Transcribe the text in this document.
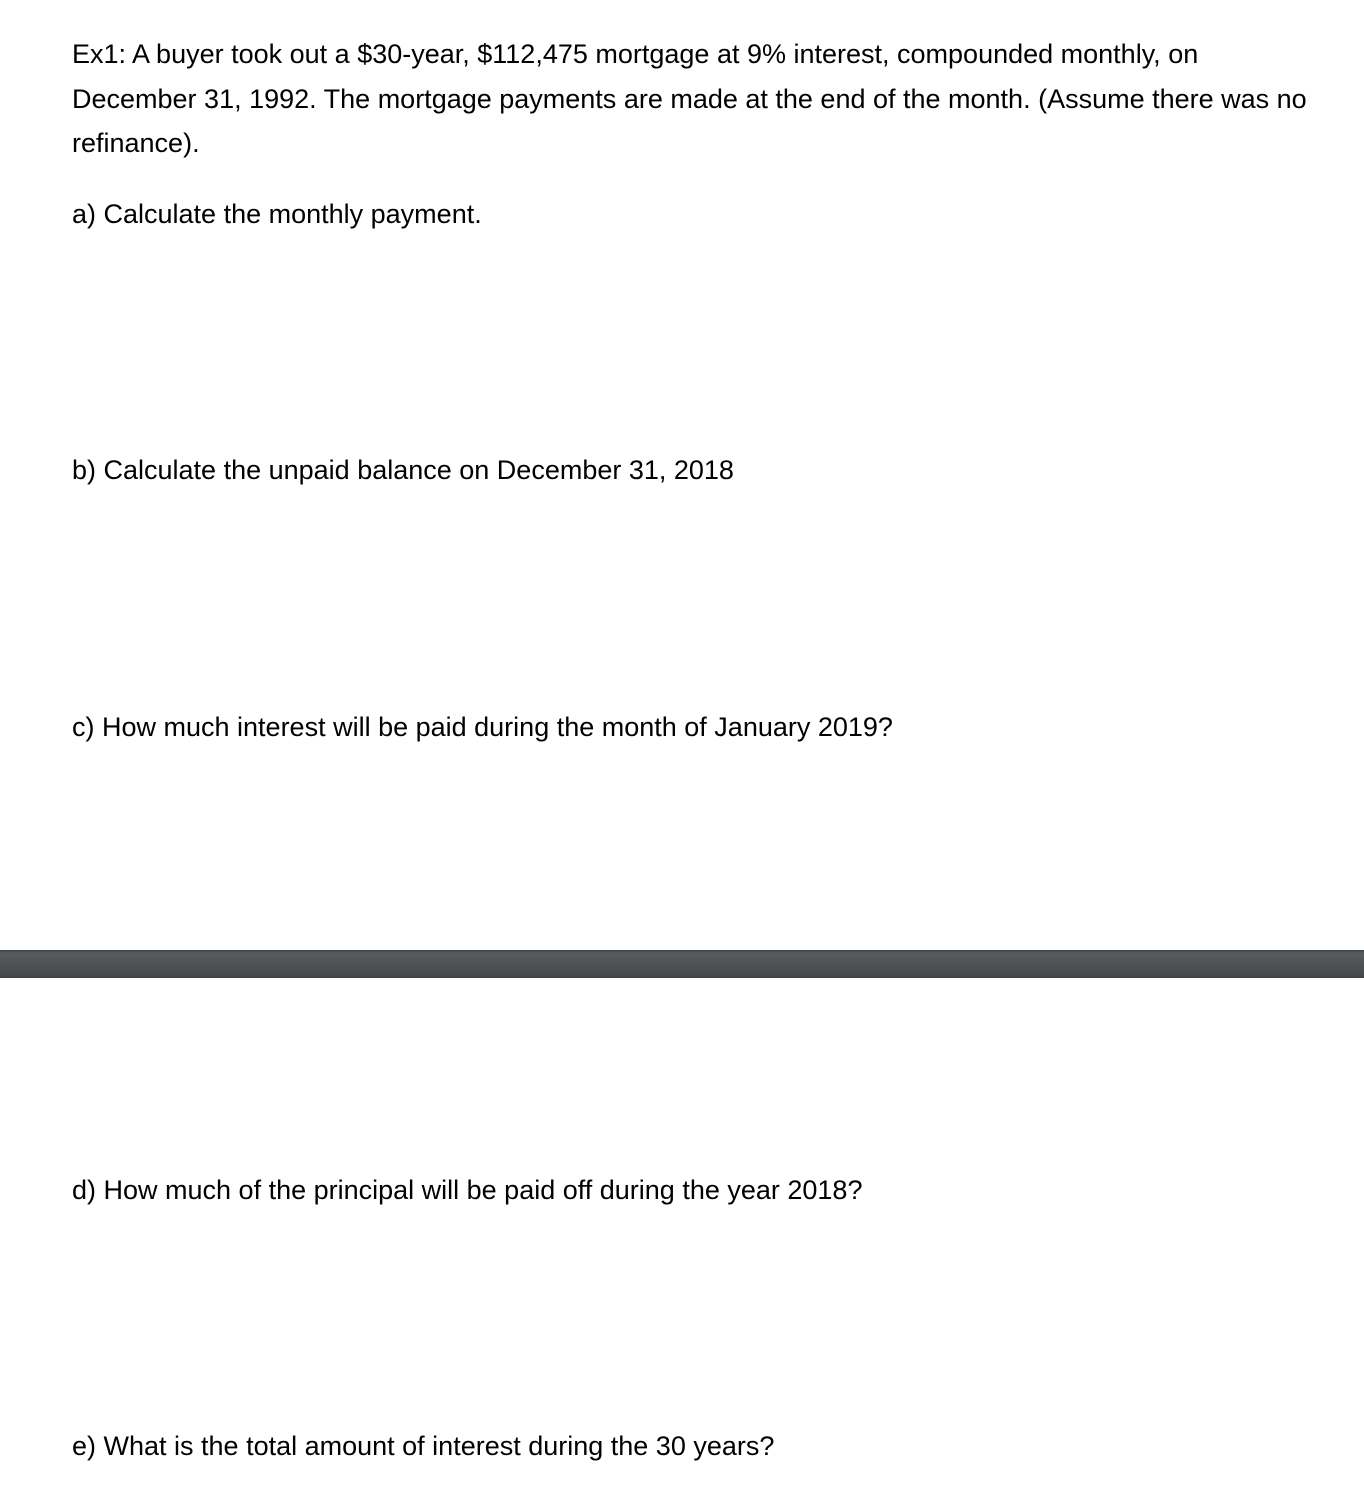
Ex1: A buyer took out a $30-year, $112,475 mortgage at 9% interest, compounded monthly, on December 31, 1992. The mortgage payments are made at the end of the month. (Assume there was no refinance).

a) Calculate the monthly payment.

b) Calculate the unpaid balance on December 31, 2018

c) How much interest will be paid during the month of January 2019?

d) How much of the principal will be paid off during the year 2018?

e) What is the total amount of interest during the 30 years?
